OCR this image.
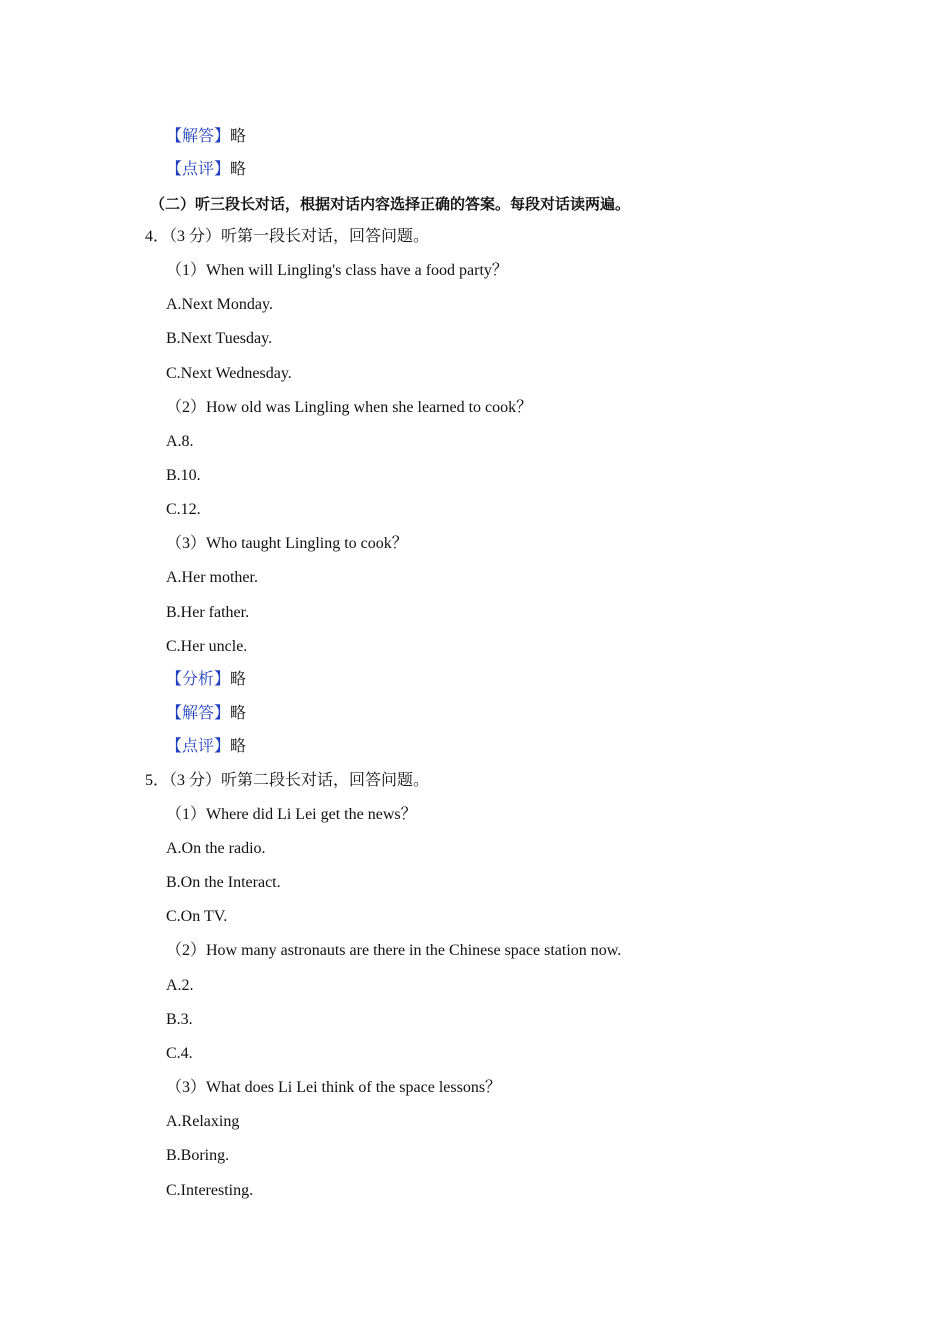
【解答】略
【点评】略
（二）听三段长对话，根据对话内容选择正确的答案。每段对话读两遍。
4．（3 分）听第一段长对话，回答问题。
（1）When will Lingling's class have a food party？
A.Next Monday.
B.Next Tuesday.
C.Next Wednesday.
（2）How old was Lingling when she learned to cook？
A.8.
B.10.
C.12.
（3）Who taught Lingling to cook？
A.Her mother.
B.Her father.
C.Her uncle.
【分析】略
【解答】略
【点评】略
5．（3 分）听第二段长对话，回答问题。
（1）Where did Li Lei get the news？
A.On the radio.
B.On the Interact.
C.On TV.
（2）How many astronauts are there in the Chinese space station now.
A.2.
B.3.
C.4.
（3）What does Li Lei think of the space lessons？
A.Relaxing
B.Boring.
C.Interesting.
